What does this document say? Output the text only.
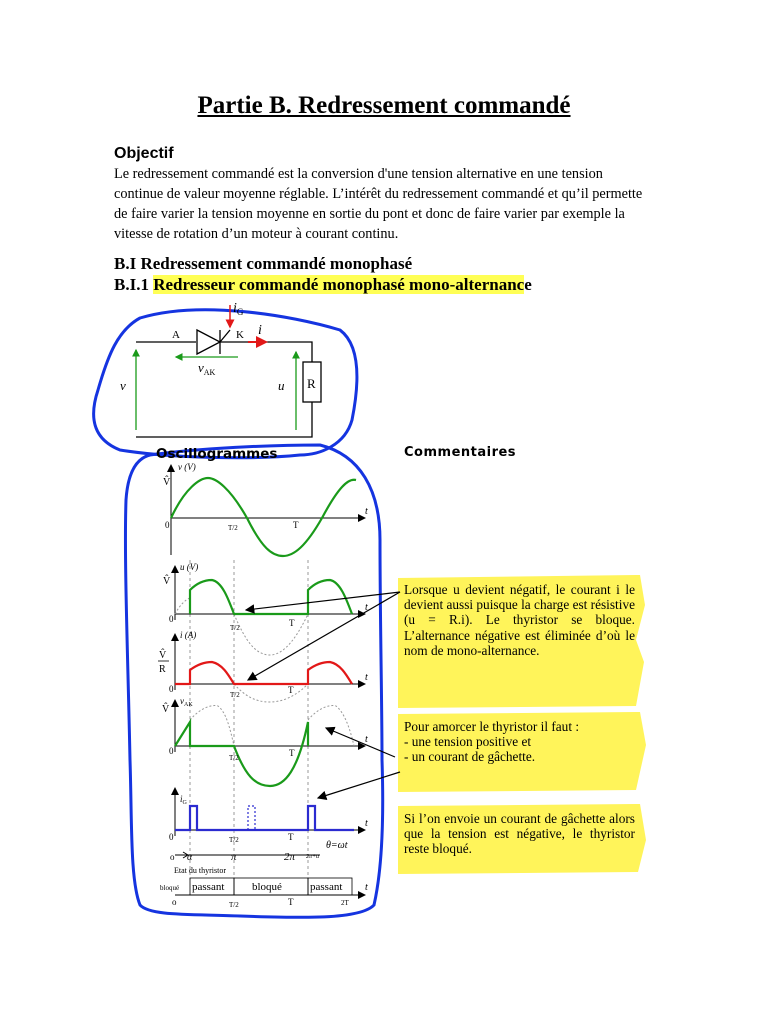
Partie B. Redressement commandé
Objectif
Le redressement commandé est la conversion d'une tension alternative en une tension continue de valeur moyenne réglable. L’intérêt du redressement commandé et qu’il permette de faire varier la tension moyenne en sortie du pont et donc de faire varier par exemple la vitesse de rotation d’un moteur à courant continu.
B.I Redressement commandé monophasé
B.I.1 Redresseur commandé monophasé mono-alternance
$i_G$
A	K i
$v_{AK}$
v	u R
Oscillogrammes	Commentaires
V̂
v (V)
t
0	T/2	T
V̂
u (V)
t
0
T/2	T
V̂
R
i (A)
t
0
T/2	T
V̂
$v_{AK}$
t
0
T/2	T
$i_G$
t
0	T/2	T
θ=ωt
o α	π	2π 2π+α
Etat du thyristor
bloqué passant	bloqué	passant t
o	T/2	T	2T

Lorsque u devient négatif, le courant i le devient aussi puisque la charge est résistive (u = R.i). Le thyristor se bloque. L’alternance négative est éliminée d’où le nom de mono-alternance.

Pour amorcer le thyristor il faut :

- une tension positive et

- un courant de gâchette.

Si l’on envoie un courant de gâchette alors que la tension est négative, le thyristor reste bloqué.
